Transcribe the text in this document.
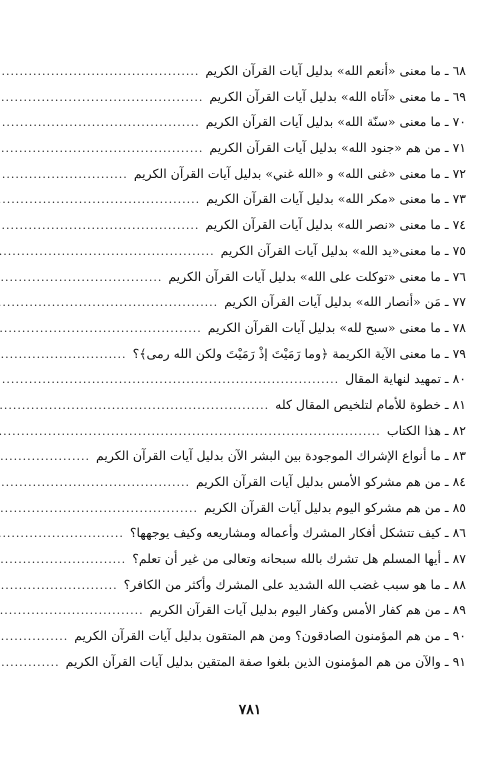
٦٨ ـ ما معنى «أنعم الله» بدليل آيات القرآن الكريم
.....
٦٩ ـ ما معنى «آتاه الله» بدليل آيات القرآن الكريم
.....
٧٠ ـ ما معنى «سنّة الله» بدليل آيات القرآن الكريم
.....
٧١ ـ من هم «جنود الله» بدليل آيات القرآن الكريم
.....
٧٢ ـ ما معنى «غنى الله» و «الله غني» بدليل آيات القرآن الكريم
.....
٧٣ ـ ما معنى «مكر الله» بدليل آيات القرآن الكريم
.....
٧٤ ـ ما معنى «نصر الله» بدليل آيات القرآن الكريم
.....
٧٥ ـ ما معنى«يد الله» بدليل آيات القرآن الكريم
.....
٧٦ ـ ما معنى «توكلت على الله» بدليل آيات القرآن الكريم
.....
٧٧ ـ مَن «أنصار الله» بدليل آيات القرآن الكريم
.....
٧٨ ـ ما معنى «سبح لله» بدليل آيات القرآن الكريم
.....
٧٩ ـ ما معنى الآية الكريمة ﴿وما رَمَيْتَ إذْ رَمَيْتَ ولكن الله رمى﴾؟
.....
٨٠ ـ تمهيد لنهاية المقال
.....
٨١ ـ خطوة للأمام لتلخيص المقال كله
.....
٨٢ ـ هذا الكتاب
.....
٨٣ ـ ما أنواع الإشراك الموجودة بين البشر الآن بدليل آيات القرآن الكريم
.....
٨٤ ـ من هم مشركو الأمس بدليل آيات القرآن الكريم
.....
٨٥ ـ من هم مشركو اليوم بدليل آيات القرآن الكريم
.....
٨٦ ـ كيف تتشكل أفكار المشرك وأعماله ومشاريعه وكيف يوجهها؟
.....
٨٧ ـ أيها المسلم هل تشرك بالله سبحانه وتعالى من غير أن تعلم؟
.....
٨٨ ـ ما هو سبب غضب الله الشديد على المشرك وأكثر من الكافر؟
.....
٨٩ ـ من هم كفار الأمس وكفار اليوم بدليل آيات القرآن الكريم
.....
٩٠ ـ من هم المؤمنون الصادقون؟ ومن هم المتقون بدليل آيات القرآن الكريم
.....
٩١ ـ والآن من هم المؤمنون الذين بلغوا صفة المتقين بدليل آيات القرآن الكريم
.....
٧٨١
